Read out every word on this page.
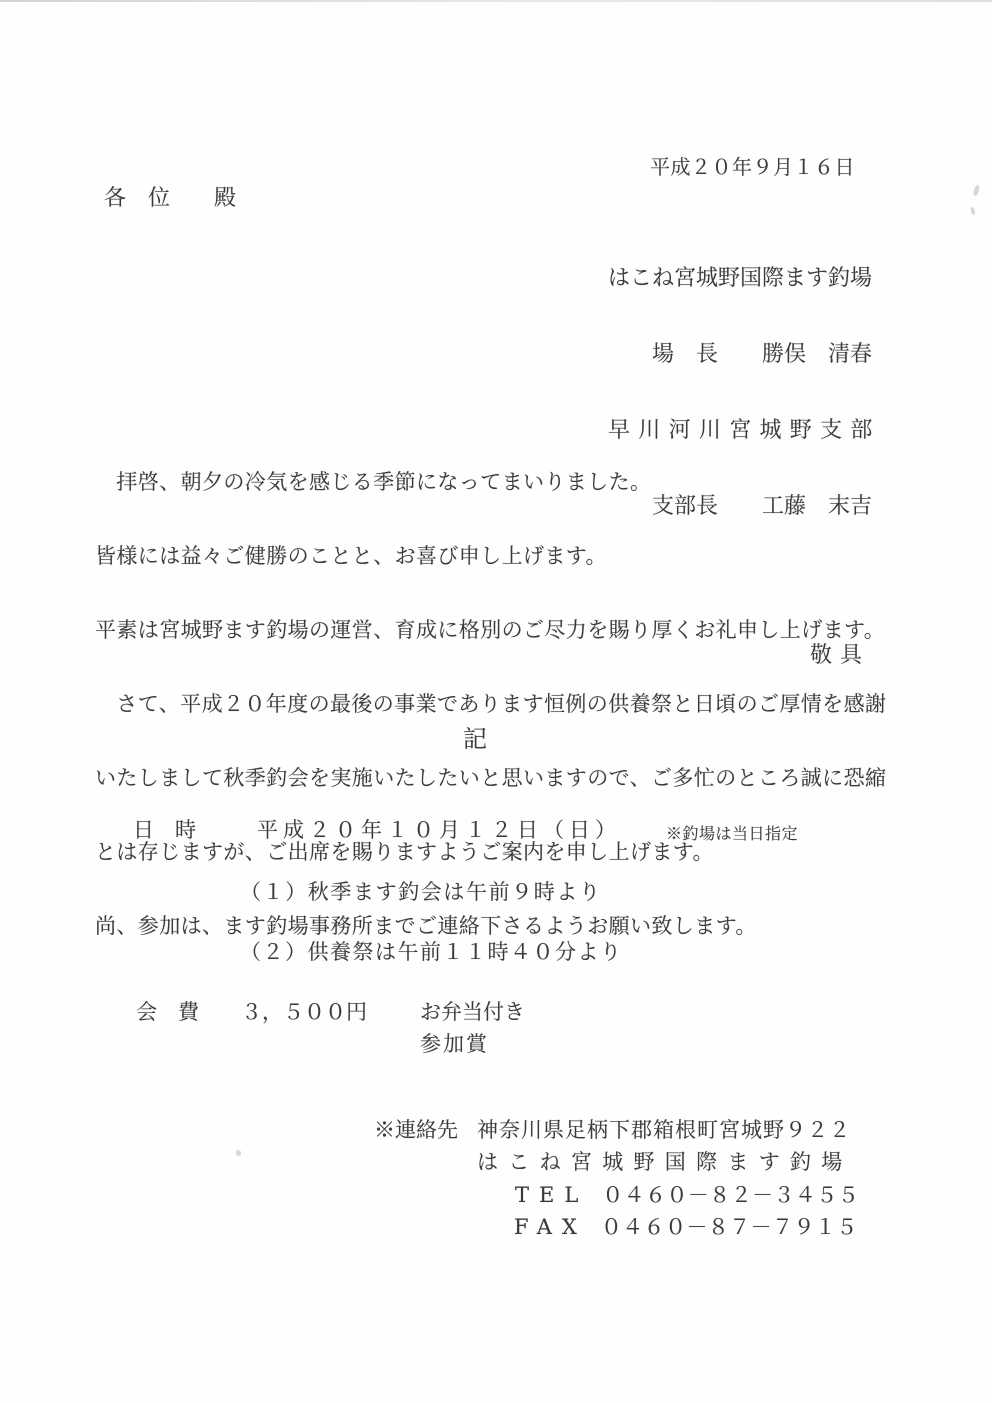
平成２０年９月１６日
各　位　　殿

はこね宮城野国際ます釣場

場　長　　勝俣　清春

早川河川宮城野支部

支部長　　工藤　末吉

　拝啓、朝夕の冷気を感じる季節になってまいりました。

皆様には益々ご健勝のことと、お喜び申し上げます。

平素は宮城野ます釣場の運営、育成に格別のご尽力を賜り厚くお礼申し上げます。

　さて、平成２０年度の最後の事業であります恒例の供養祭と日頃のご厚情を感謝

いたしまして秋季釣会を実施いたしたいと思いますので、ご多忙のところ誠に恐縮

とは存じますが、ご出席を賜りますようご案内を申し上げます。

尚、参加は、ます釣場事務所までご連絡下さるようお願い致します。

敬具
記
日　時	平成２０年１０月１２日（日）	※釣場は当日指定
（１）秋季ます釣会は午前９時より
（２）供養祭は午前１１時４０分より
会　費 ３，５００円	お弁当付き
参加賞
※連絡先 神奈川県足柄下郡箱根町宮城野９２２
はこね宮城野国際ます釣場
TEL ０４６０－８２－３４５５
FAX ０４６０－８７－７９１５
